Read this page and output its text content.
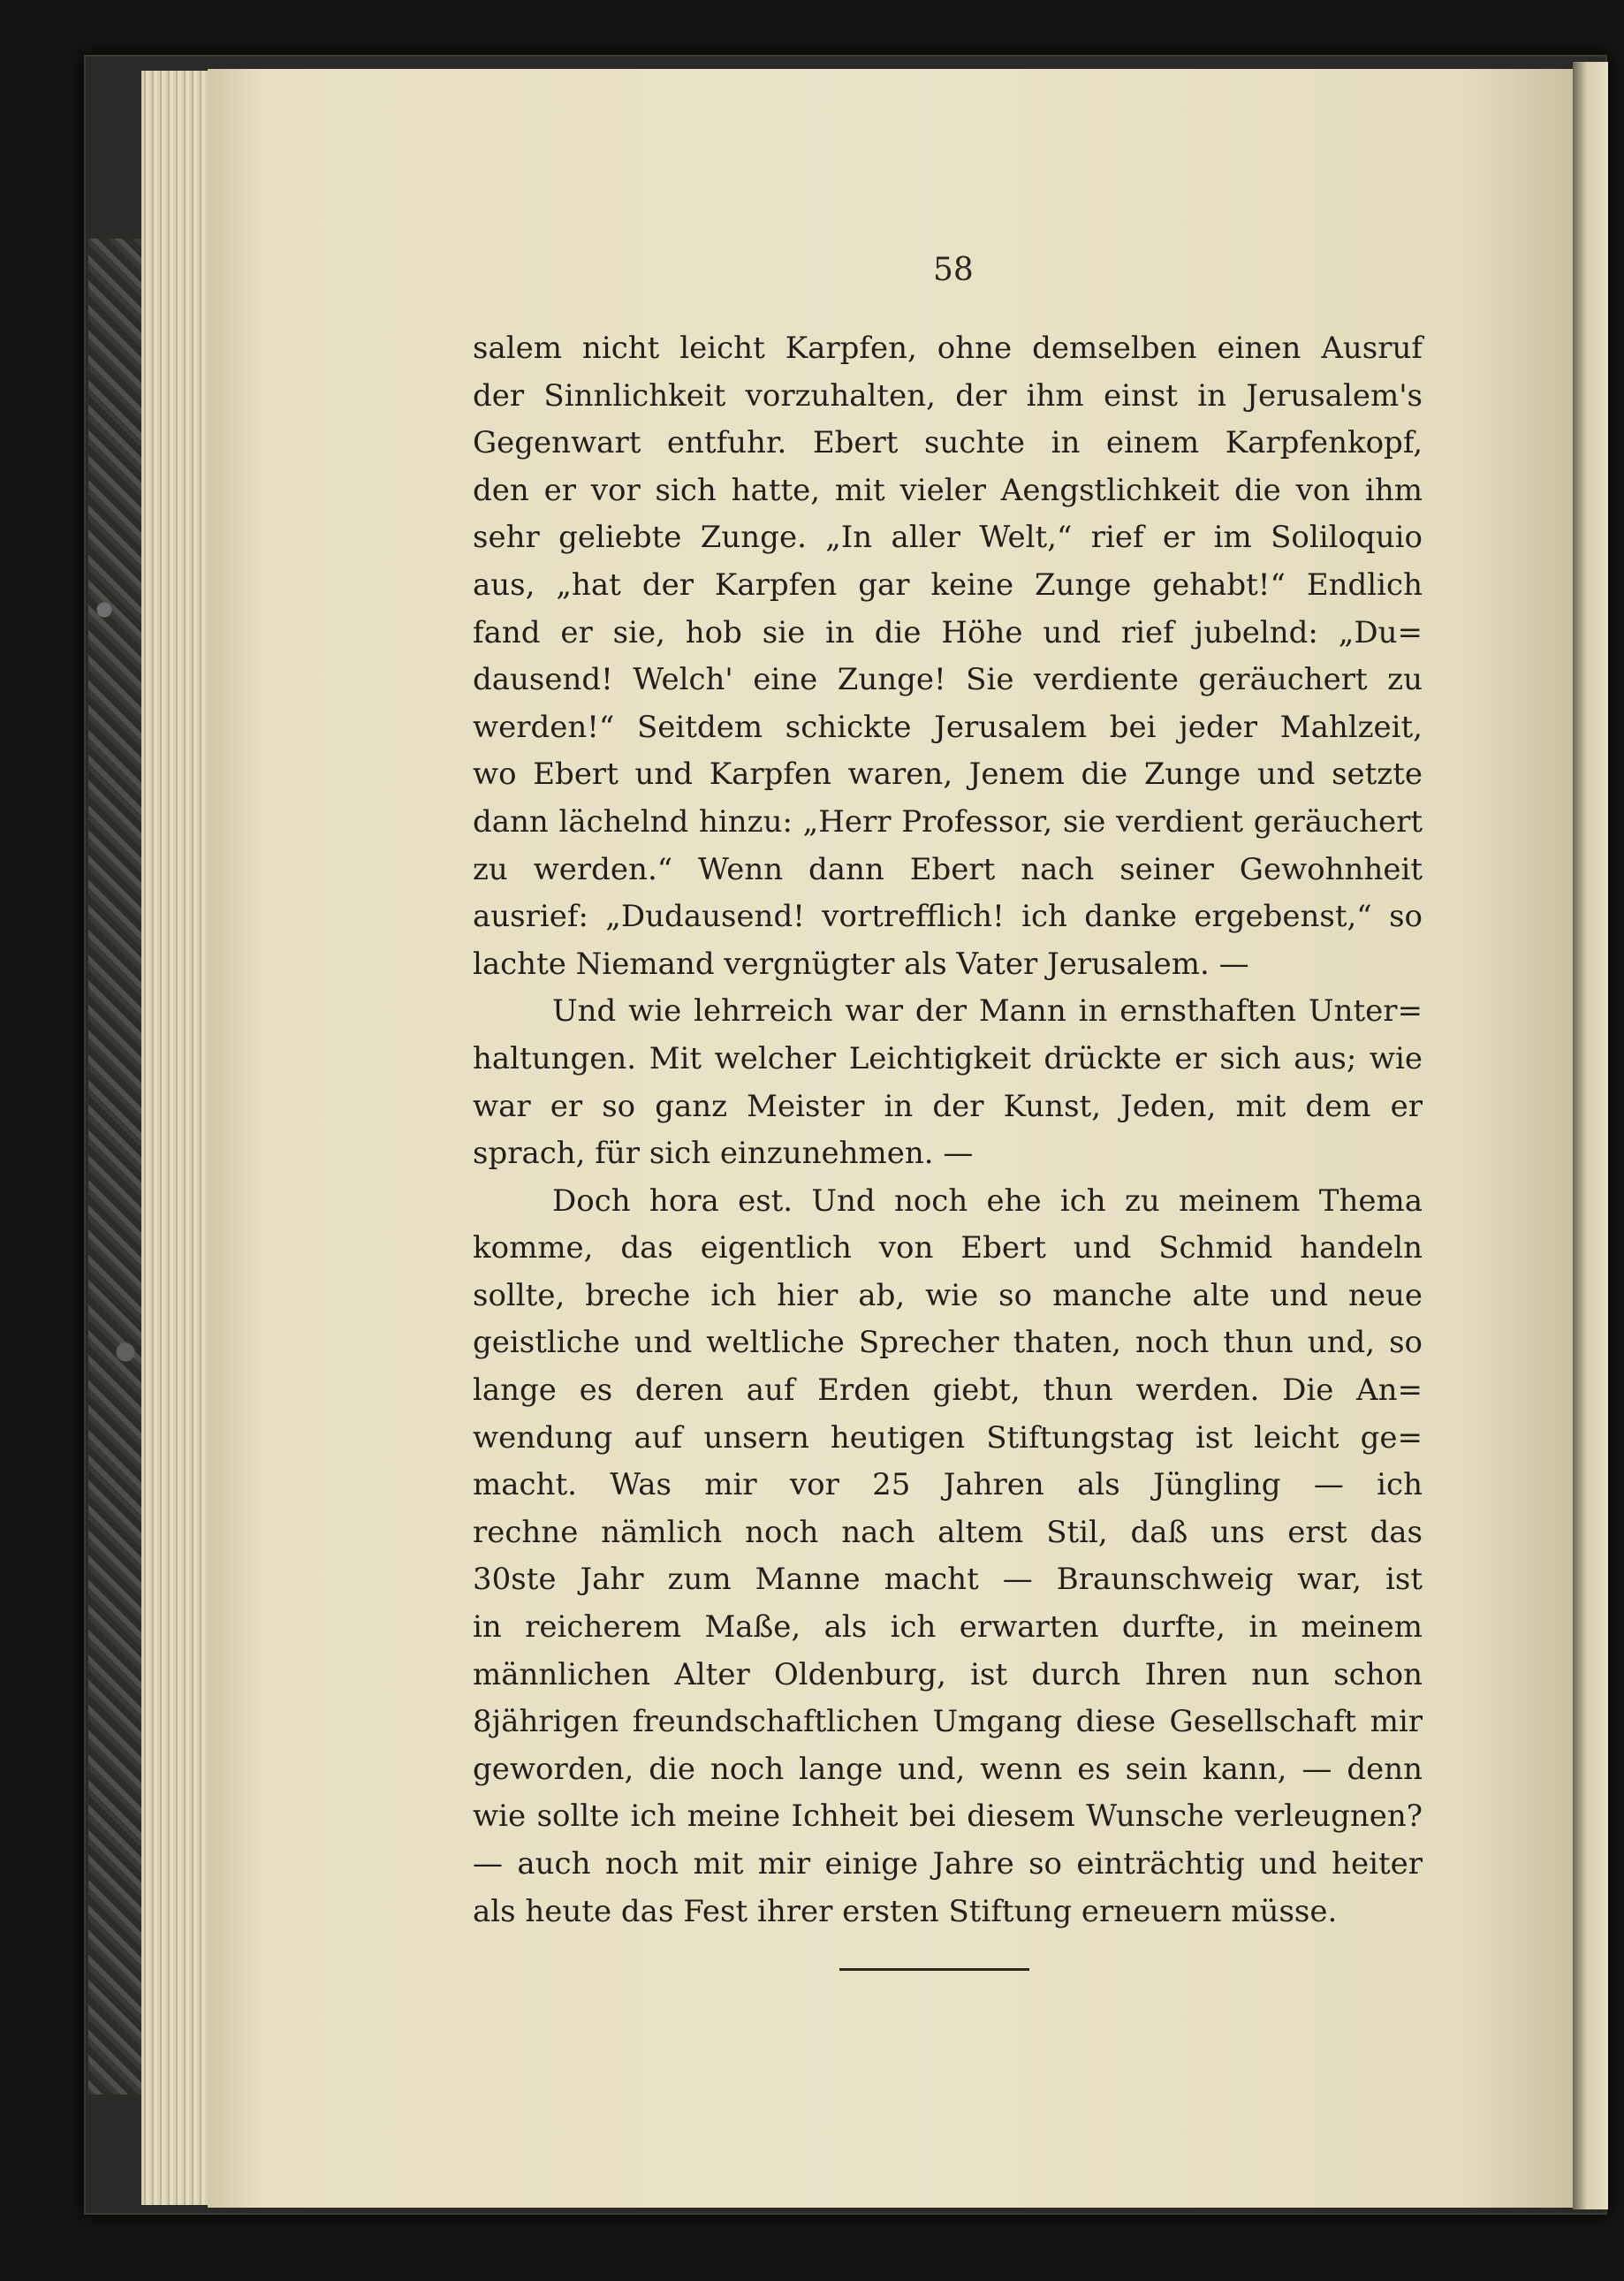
58
salem nicht leicht Karpfen, ohne demselben einen Ausruf
der Sinnlichkeit vorzuhalten, der ihm einst in Jerusalem's
Gegenwart entfuhr. Ebert suchte in einem Karpfenkopf,
den er vor sich hatte, mit vieler Aengstlichkeit die von ihm
sehr geliebte Zunge. „In aller Welt,“ rief er im Soliloquio
aus, „hat der Karpfen gar keine Zunge gehabt!“ Endlich
fand er sie, hob sie in die Höhe und rief jubelnd: „Du=
dausend! Welch' eine Zunge! Sie verdiente geräuchert zu
werden!“ Seitdem schickte Jerusalem bei jeder Mahlzeit,
wo Ebert und Karpfen waren, Jenem die Zunge und setzte
dann lächelnd hinzu: „Herr Professor, sie verdient geräuchert
zu werden.“ Wenn dann Ebert nach seiner Gewohnheit
ausrief: „Dudausend! vortrefflich! ich danke ergebenst,“ so
lachte Niemand vergnügter als Vater Jerusalem. —
Und wie lehrreich war der Mann in ernsthaften Unter=
haltungen. Mit welcher Leichtigkeit drückte er sich aus; wie
war er so ganz Meister in der Kunst, Jeden, mit dem er
sprach, für sich einzunehmen. —
Doch hora est. Und noch ehe ich zu meinem Thema
komme, das eigentlich von Ebert und Schmid handeln
sollte, breche ich hier ab, wie so manche alte und neue
geistliche und weltliche Sprecher thaten, noch thun und, so
lange es deren auf Erden giebt, thun werden. Die An=
wendung auf unsern heutigen Stiftungstag ist leicht ge=
macht. Was mir vor 25 Jahren als Jüngling — ich
rechne nämlich noch nach altem Stil, daß uns erst das
30ste Jahr zum Manne macht — Braunschweig war, ist
in reicherem Maße, als ich erwarten durfte, in meinem
männlichen Alter Oldenburg, ist durch Ihren nun schon
8jährigen freundschaftlichen Umgang diese Gesellschaft mir
geworden, die noch lange und, wenn es sein kann, — denn
wie sollte ich meine Ichheit bei diesem Wunsche verleugnen?
— auch noch mit mir einige Jahre so einträchtig und heiter
als heute das Fest ihrer ersten Stiftung erneuern müsse.
